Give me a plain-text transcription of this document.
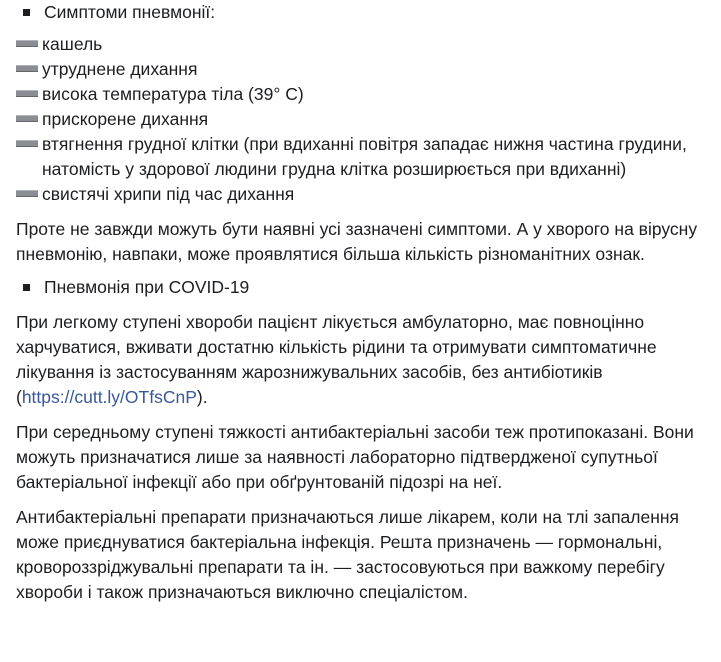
Симптоми пневмонії:
кашель
утруднене дихання
висока температура тіла (39° С)
прискорене дихання
втягнення грудної клітки (при вдиханні повітря западає нижня частина грудини, натомість у здорової людини грудна клітка розширюється при вдиханні)
свистячі хрипи під час дихання

Проте не завжди можуть бути наявні усі зазначені симптоми. А у хворого на вірусну пневмонію, навпаки, може проявлятися більша кількість різноманітних ознак.

Пневмонія при COVID-19

При легкому ступені хвороби пацієнт лікується амбулаторно, має повноцінно харчуватися, вживати достатню кількість рідини та отримувати симптоматичне лікування із застосуванням жарознижувальних засобів, без антибіотиків (https://cutt.ly/OTfsCnP).

При середньому ступені тяжкості антибактеріальні засоби теж протипоказані. Вони можуть призначатися лише за наявності лабораторно підтвердженої супутньої бактеріальної інфекції або при обґрунтованій підозрі на неї.

Антибактеріальні препарати призначаються лише лікарем, коли на тлі запалення може приєднуватися бактеріальна інфекція. Решта призначень — гормональні, кровороззріджувальні препарати та ін. — застосовуються при важкому перебігу хвороби і також призначаються виключно спеціалістом.
